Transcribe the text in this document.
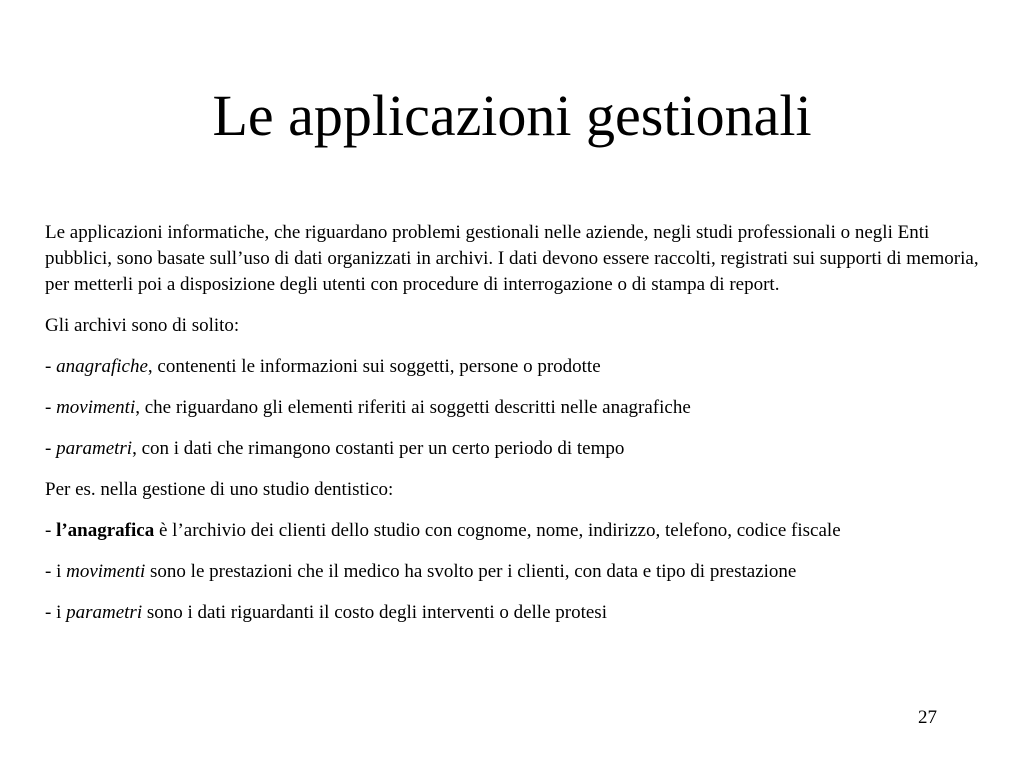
Le applicazioni gestionali

Le applicazioni informatiche, che riguardano problemi gestionali nelle aziende, negli studi professionali o negli Enti pubblici, sono basate sull’uso di dati organizzati in archivi. I dati devono essere raccolti, registrati sui supporti di memoria, per metterli poi a disposizione degli utenti con procedure di interrogazione o di stampa di report.

Gli archivi sono di solito:

- anagrafiche, contenenti le informazioni sui soggetti, persone o prodotte

- movimenti, che riguardano gli elementi riferiti ai soggetti descritti nelle anagrafiche

- parametri, con i dati che rimangono costanti per un certo periodo di tempo

Per es. nella gestione di uno studio dentistico:

- l’anagrafica è l’archivio dei clienti dello studio con cognome, nome, indirizzo, telefono, codice fiscale

- i movimenti sono le prestazioni che il medico ha svolto per i clienti, con data e tipo di prestazione

- i parametri sono i dati riguardanti il costo degli interventi o delle protesi

27
